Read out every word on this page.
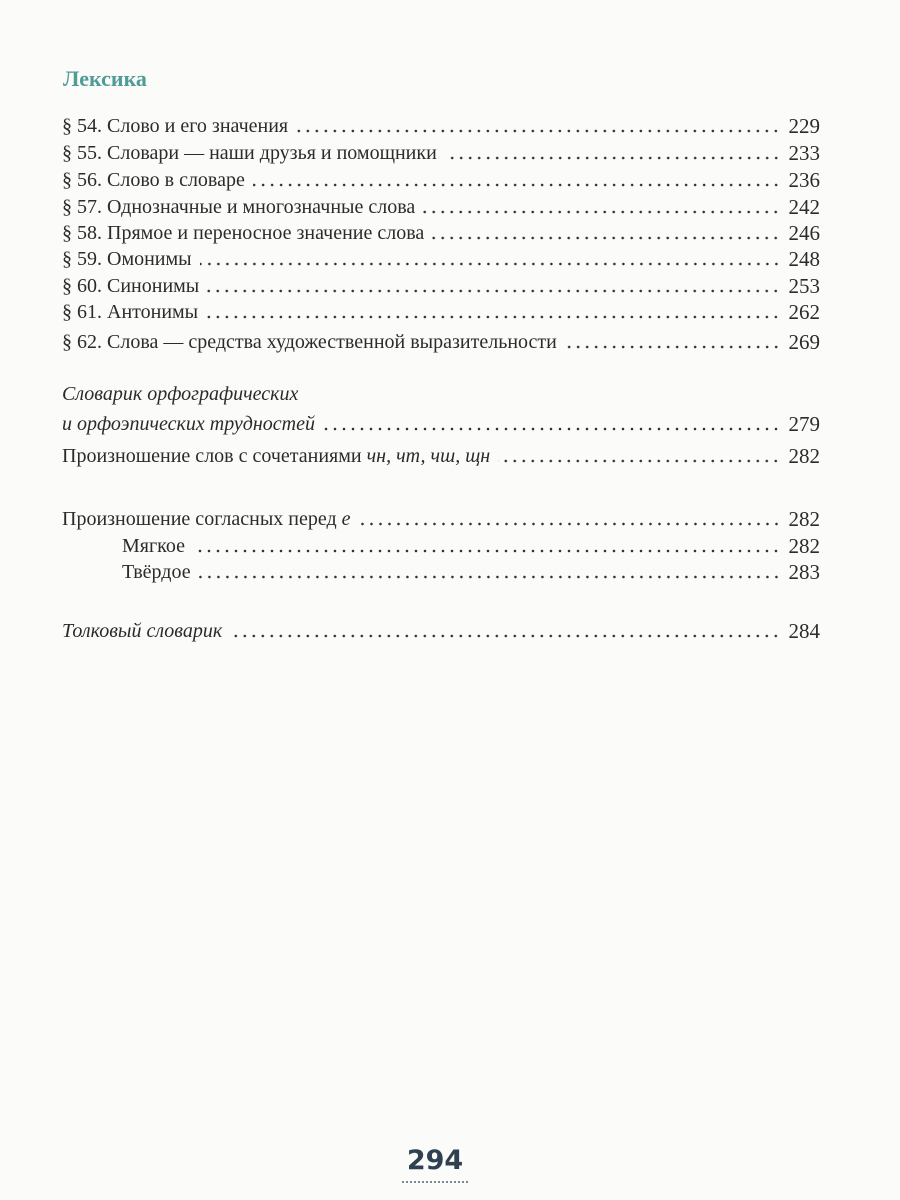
Лексика
§ 54. Слово и его значения	229
§ 55. Словари — наши друзья и помощники	233
§ 56. Слово в словаре	236
§ 57. Однозначные и многозначные слова	242
§ 58. Прямое и переносное значение слова	246
§ 59. Омонимы	248
§ 60. Синонимы	253
§ 61. Антонимы	262
§ 62. Слова — средства художественной выразительности	269
Словарик орфографических
и орфоэпических трудностей	279
Произношение слов с сочетаниями чн, чт, чш, щн	282
Произношение согласных перед е	282
Мягкое	282
Твёрдое	283
Толковый словарик	284
294
